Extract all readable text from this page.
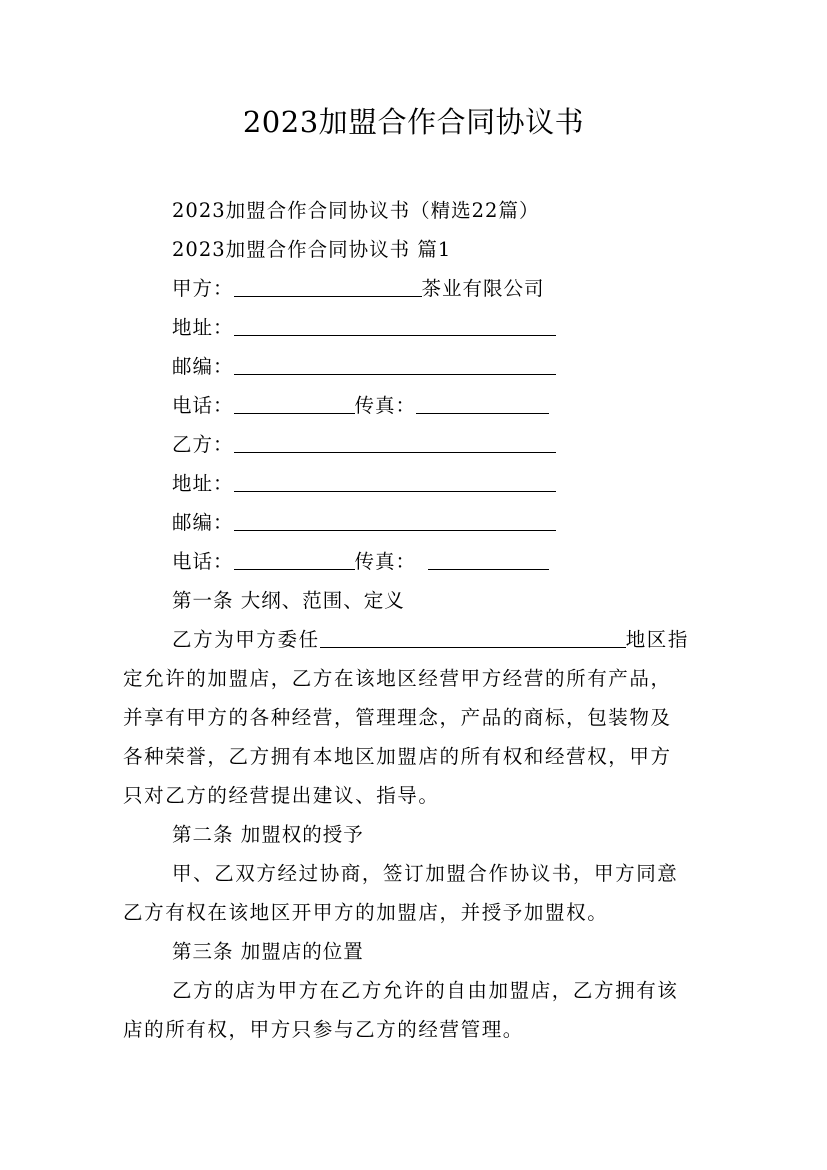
2023加盟合作合同协议书
2023加盟合作合同协议书（精选22篇）
2023加盟合作合同协议书 篇1
甲方：	茶业有限公司
地址：
邮编：
电话：	传真：
乙方：
地址：
邮编：
电话：	传真：
第一条 大纲、范围、定义
乙方为甲方委任	地区指
定允许的加盟店，乙方在该地区经营甲方经营的所有产品，
并享有甲方的各种经营，管理理念，产品的商标，包装物及
各种荣誉，乙方拥有本地区加盟店的所有权和经营权，甲方
只对乙方的经营提出建议、指导。
第二条 加盟权的授予
甲、乙双方经过协商，签订加盟合作协议书，甲方同意
乙方有权在该地区开甲方的加盟店，并授予加盟权。
第三条 加盟店的位置
乙方的店为甲方在乙方允许的自由加盟店，乙方拥有该
店的所有权，甲方只参与乙方的经营管理。
